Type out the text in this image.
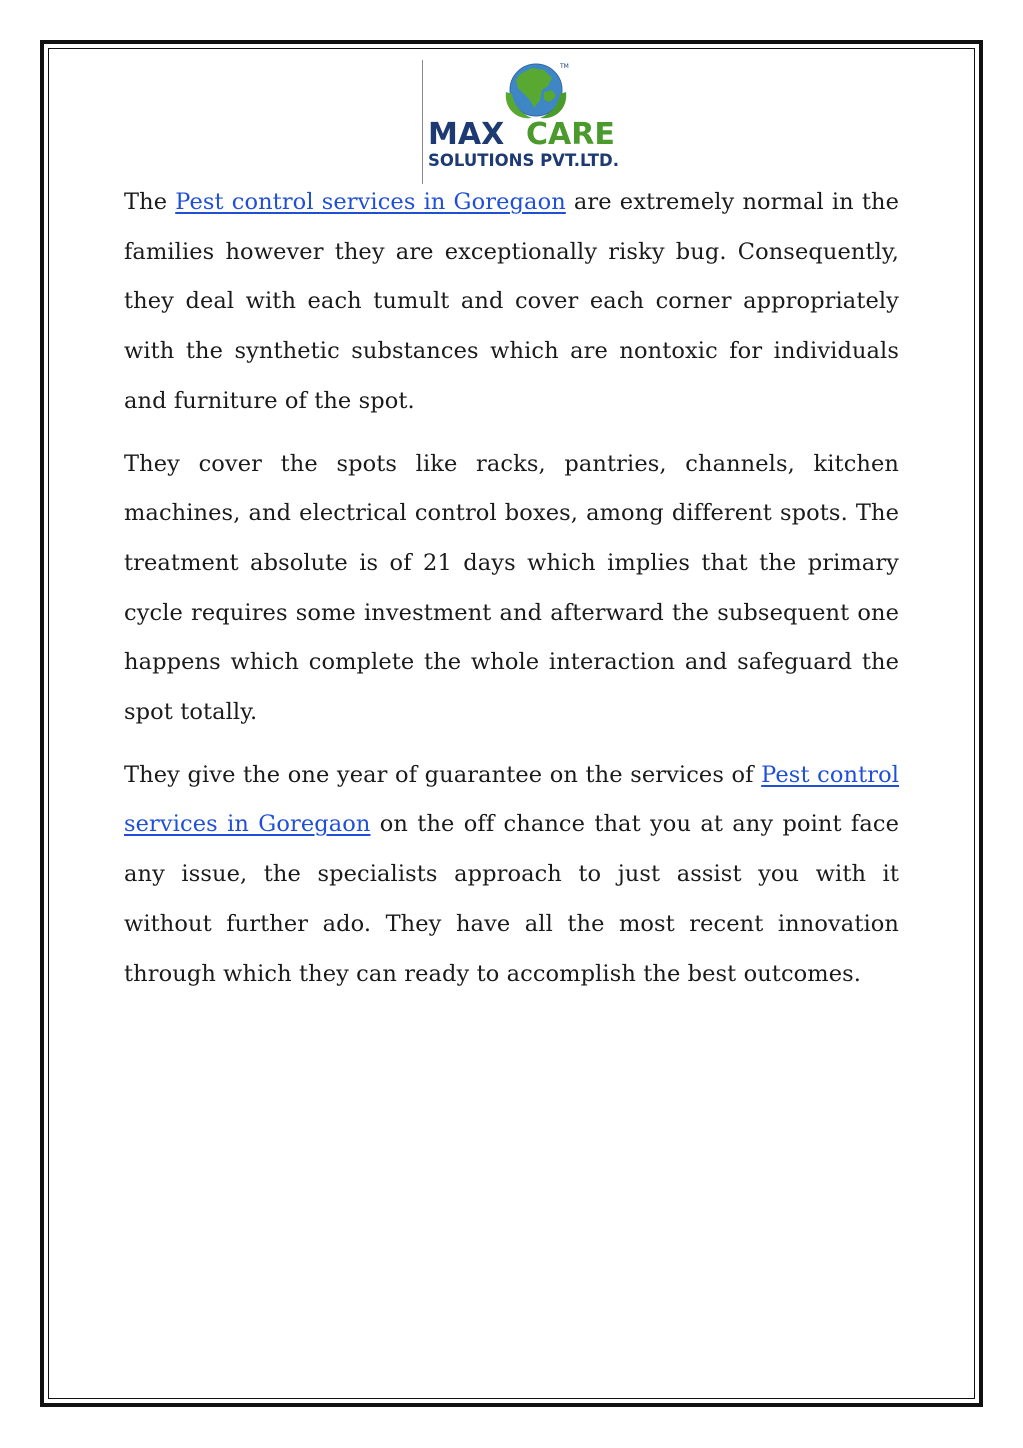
TM
MAX CARE
SOLUTIONS PVT.LTD.

The Pest control services in Goregaon are extremely normal in the families however they are exceptionally risky bug. Consequently, they deal with each tumult and cover each corner appropriately with the synthetic substances which are nontoxic for individuals and furniture of the spot.

They cover the spots like racks, pantries, channels, kitchen machines, and electrical control boxes, among different spots. The treatment absolute is of 21 days which implies that the primary cycle requires some investment and afterward the subsequent one happens which complete the whole interaction and safeguard the spot totally.

They give the one year of guarantee on the services of Pest control services in Goregaon on the off chance that you at any point face any issue, the specialists approach to just assist you with it without further ado. They have all the most recent innovation through which they can ready to accomplish the best outcomes.
